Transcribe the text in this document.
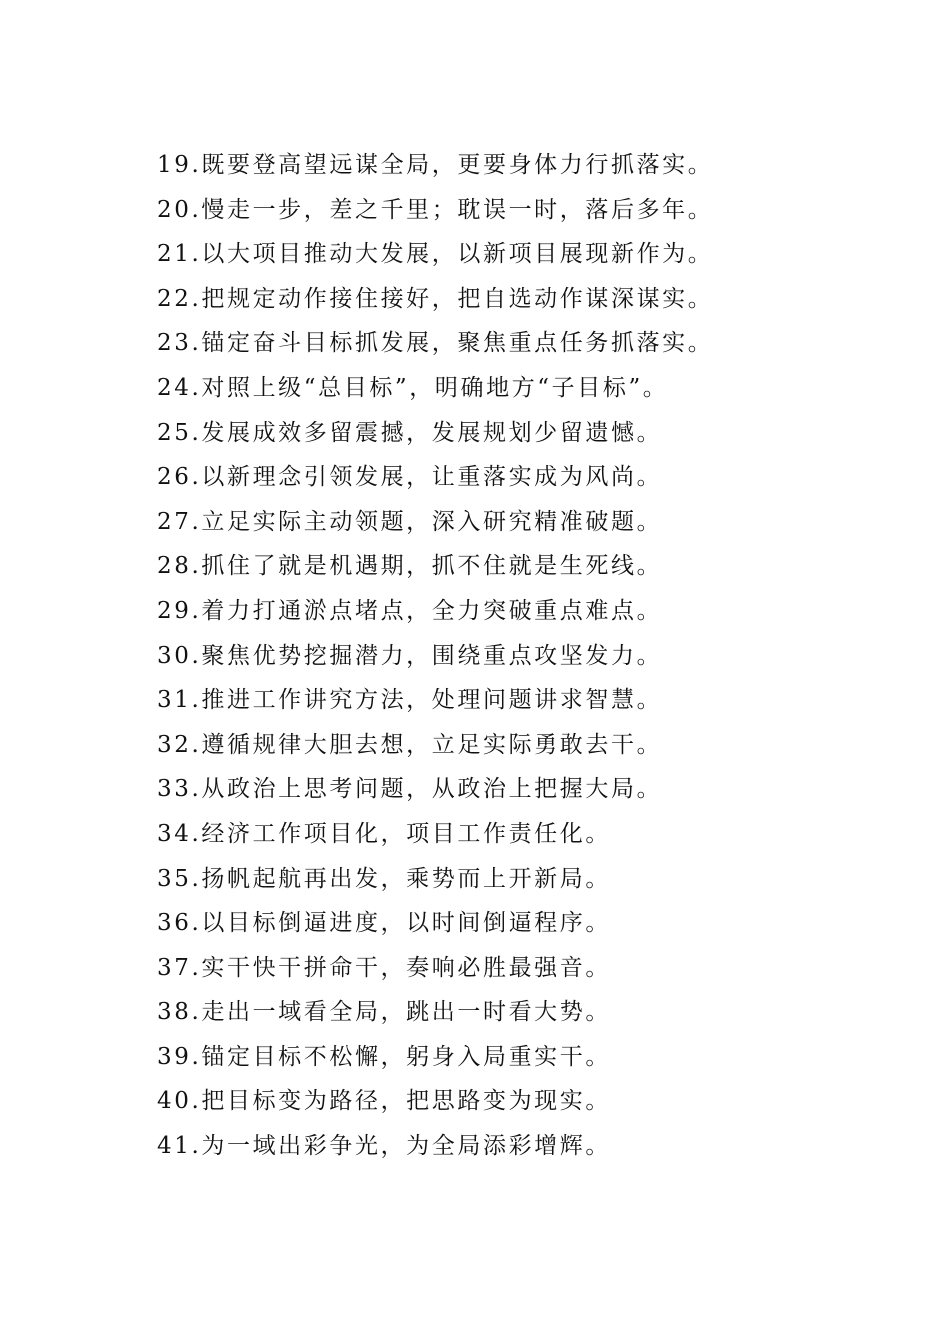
19.既要登高望远谋全局，更要身体力行抓落实。
20.慢走一步，差之千里；耽误一时，落后多年。
21.以大项目推动大发展，以新项目展现新作为。
22.把规定动作接住接好，把自选动作谋深谋实。
23.锚定奋斗目标抓发展，聚焦重点任务抓落实。
24.对照上级“总目标”，明确地方“子目标”。
25.发展成效多留震撼，发展规划少留遗憾。
26.以新理念引领发展，让重落实成为风尚。
27.立足实际主动领题，深入研究精准破题。
28.抓住了就是机遇期，抓不住就是生死线。
29.着力打通淤点堵点，全力突破重点难点。
30.聚焦优势挖掘潜力，围绕重点攻坚发力。
31.推进工作讲究方法，处理问题讲求智慧。
32.遵循规律大胆去想，立足实际勇敢去干。
33.从政治上思考问题，从政治上把握大局。
34.经济工作项目化，项目工作责任化。
35.扬帆起航再出发，乘势而上开新局。
36.以目标倒逼进度，以时间倒逼程序。
37.实干快干拼命干，奏响必胜最强音。
38.走出一域看全局，跳出一时看大势。
39.锚定目标不松懈，躬身入局重实干。
40.把目标变为路径，把思路变为现实。
41.为一域出彩争光，为全局添彩增辉。
